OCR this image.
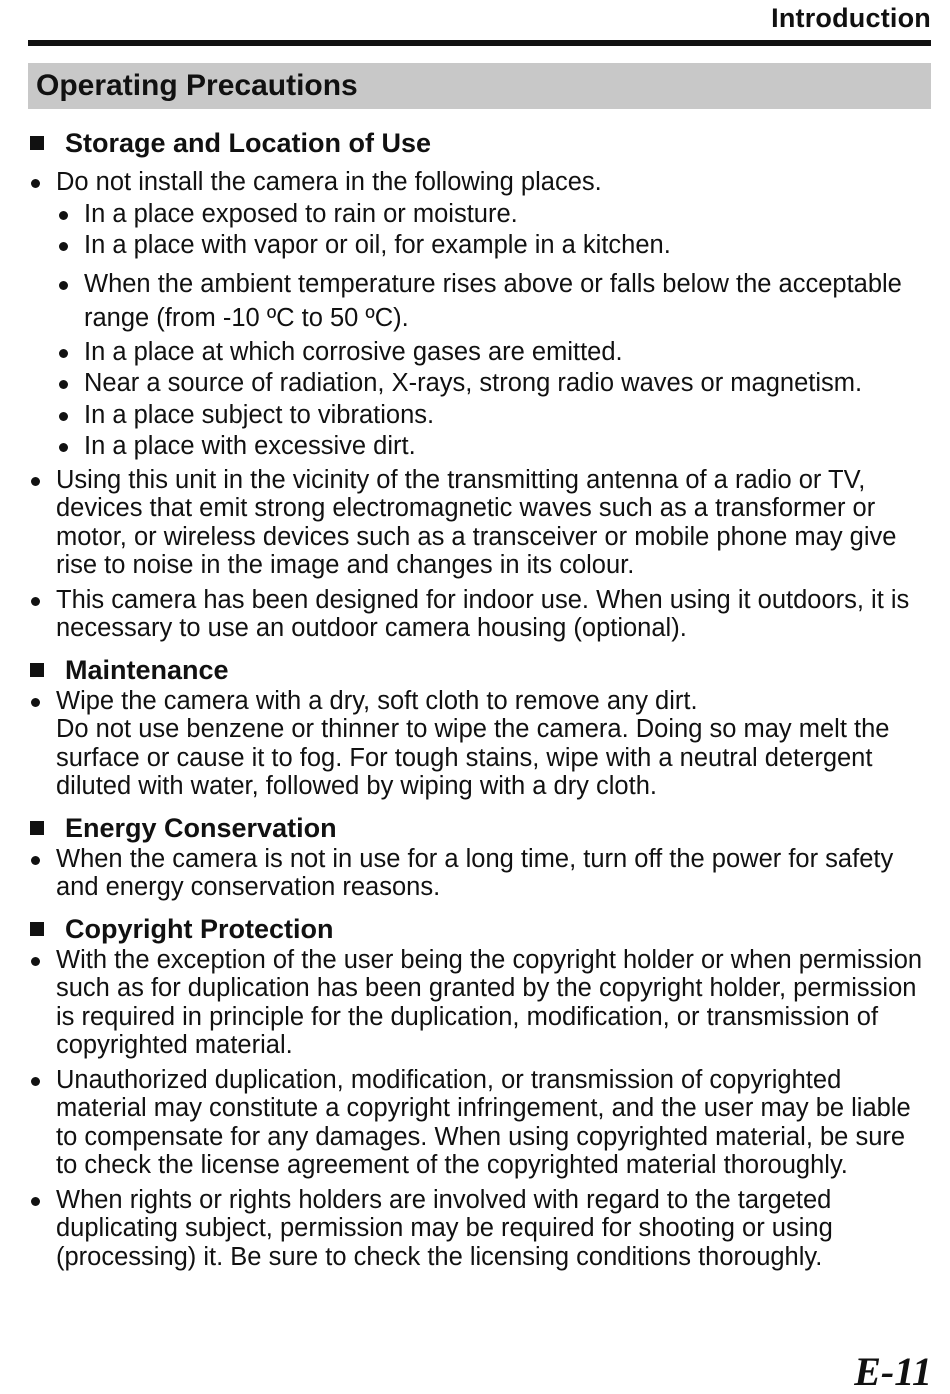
Introduction
Operating Precautions
Storage and Location of Use
Do not install the camera in the following places.
In a place exposed to rain or moisture.
In a place with vapor or oil, for example in a kitchen.
When the ambient temperature rises above or falls below the acceptable range (from -10 ºC to 50 ºC).
In a place at which corrosive gases are emitted.
Near a source of radiation, X-rays, strong radio waves or magnetism.
In a place subject to vibrations.
In a place with excessive dirt.
Using this unit in the vicinity of the transmitting antenna of a radio or TV, devices that emit strong electromagnetic waves such as a transformer or motor, or wireless devices such as a transceiver or mobile phone may give rise to noise in the image and changes in its colour.
This camera has been designed for indoor use. When using it outdoors, it is necessary to use an outdoor camera housing (optional).
Maintenance
Wipe the camera with a dry, soft cloth to remove any dirt.
Do not use benzene or thinner to wipe the camera. Doing so may melt the surface or cause it to fog. For tough stains, wipe with a neutral detergent diluted with water, followed by wiping with a dry cloth.
Energy Conservation
When the camera is not in use for a long time, turn off the power for safety and energy conservation reasons.
Copyright Protection
With the exception of the user being the copyright holder or when permission such as for duplication has been granted by the copyright holder, permission is required in principle for the duplication, modification, or transmission of copyrighted material.
Unauthorized duplication, modification, or transmission of copyrighted material may constitute a copyright infringement, and the user may be liable to compensate for any damages. When using copyrighted material, be sure to check the license agreement of the copyrighted material thoroughly.
When rights or rights holders are involved with regard to the targeted duplicating subject, permission may be required for shooting or using (processing) it. Be sure to check the licensing conditions thoroughly.
E-11
